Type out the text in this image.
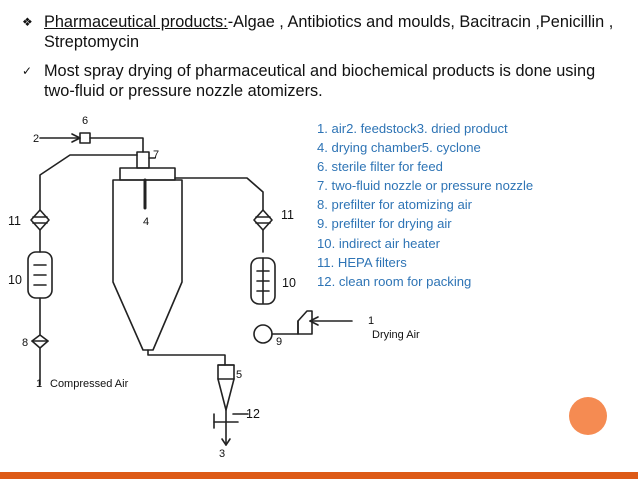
❖ Pharmaceutical products:-Algae , Antibiotics and moulds, Bacitracin ,Penicillin , Streptomycin
✓ Most spray drying of pharmaceutical and biochemical products is done using two-fluid or pressure nozzle atomizers.
1. air2. feedstock3. dried product
4. drying chamber5. cyclone
6. sterile filter for feed
7. two-fluid nozzle or pressure nozzle
8. prefilter for atomizing air
9. prefilter for drying air
10. indirect air heater
11. HEPA filters
12. clean room for packing
2
6
7
4
11	11
10	10
8	9
5
12
3
1 Compressed Air
1
Drying Air
